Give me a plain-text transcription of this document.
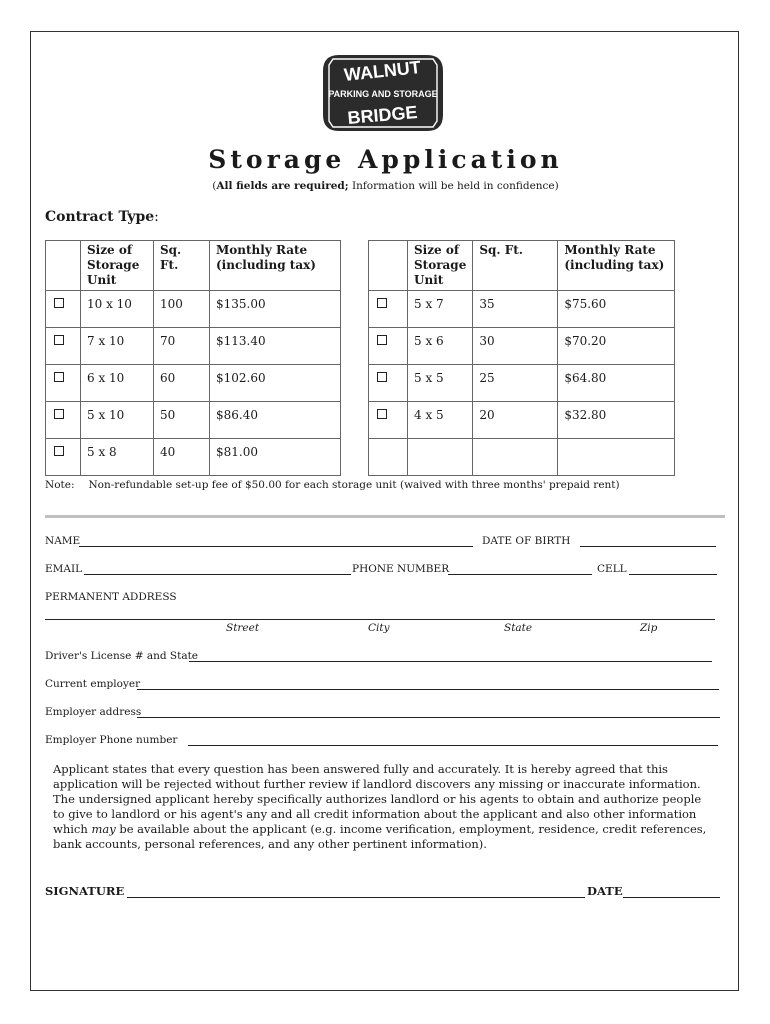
WALNUT
PARKING AND STORAGE
BRIDGE
Storage Application
(All fields are required; Information will be held in confidence)
Contract Type:
	Size of Storage Unit	Sq. Ft.	Monthly Rate (including tax)
	10 x 10	100	$135.00
	7 x 10	70	$113.40
	6 x 10	60	$102.60
	5 x 10	50	$86.40
	5 x 8	40	$81.00
	Size of Storage Unit	Sq. Ft.	Monthly Rate (including tax)
	5 x 7	35	$75.60
	5 x 6	30	$70.20
	5 x 5	25	$64.80
	4 x 5	20	$32.80

Note: Non-refundable set-up fee of $50.00 for each storage unit (waived with three months' prepaid rent)
NAME	DATE OF BIRTH
EMAIL	PHONE NUMBER	CELL
PERMANENT ADDRESS
Street	City	State	Zip
Driver's License # and State
Current employer
Employer address
Employer Phone number
Applicant states that every question has been answered fully and accurately. It is hereby agreed that this application will be rejected without further review if landlord discovers any missing or inaccurate information. The undersigned applicant hereby specifically authorizes landlord or his agents to obtain and authorize people to give to landlord or his agent's any and all credit information about the applicant and also other information which may be available about the applicant (e.g. income verification, employment, residence, credit references, bank accounts, personal references, and any other pertinent information).
SIGNATURE	DATE
